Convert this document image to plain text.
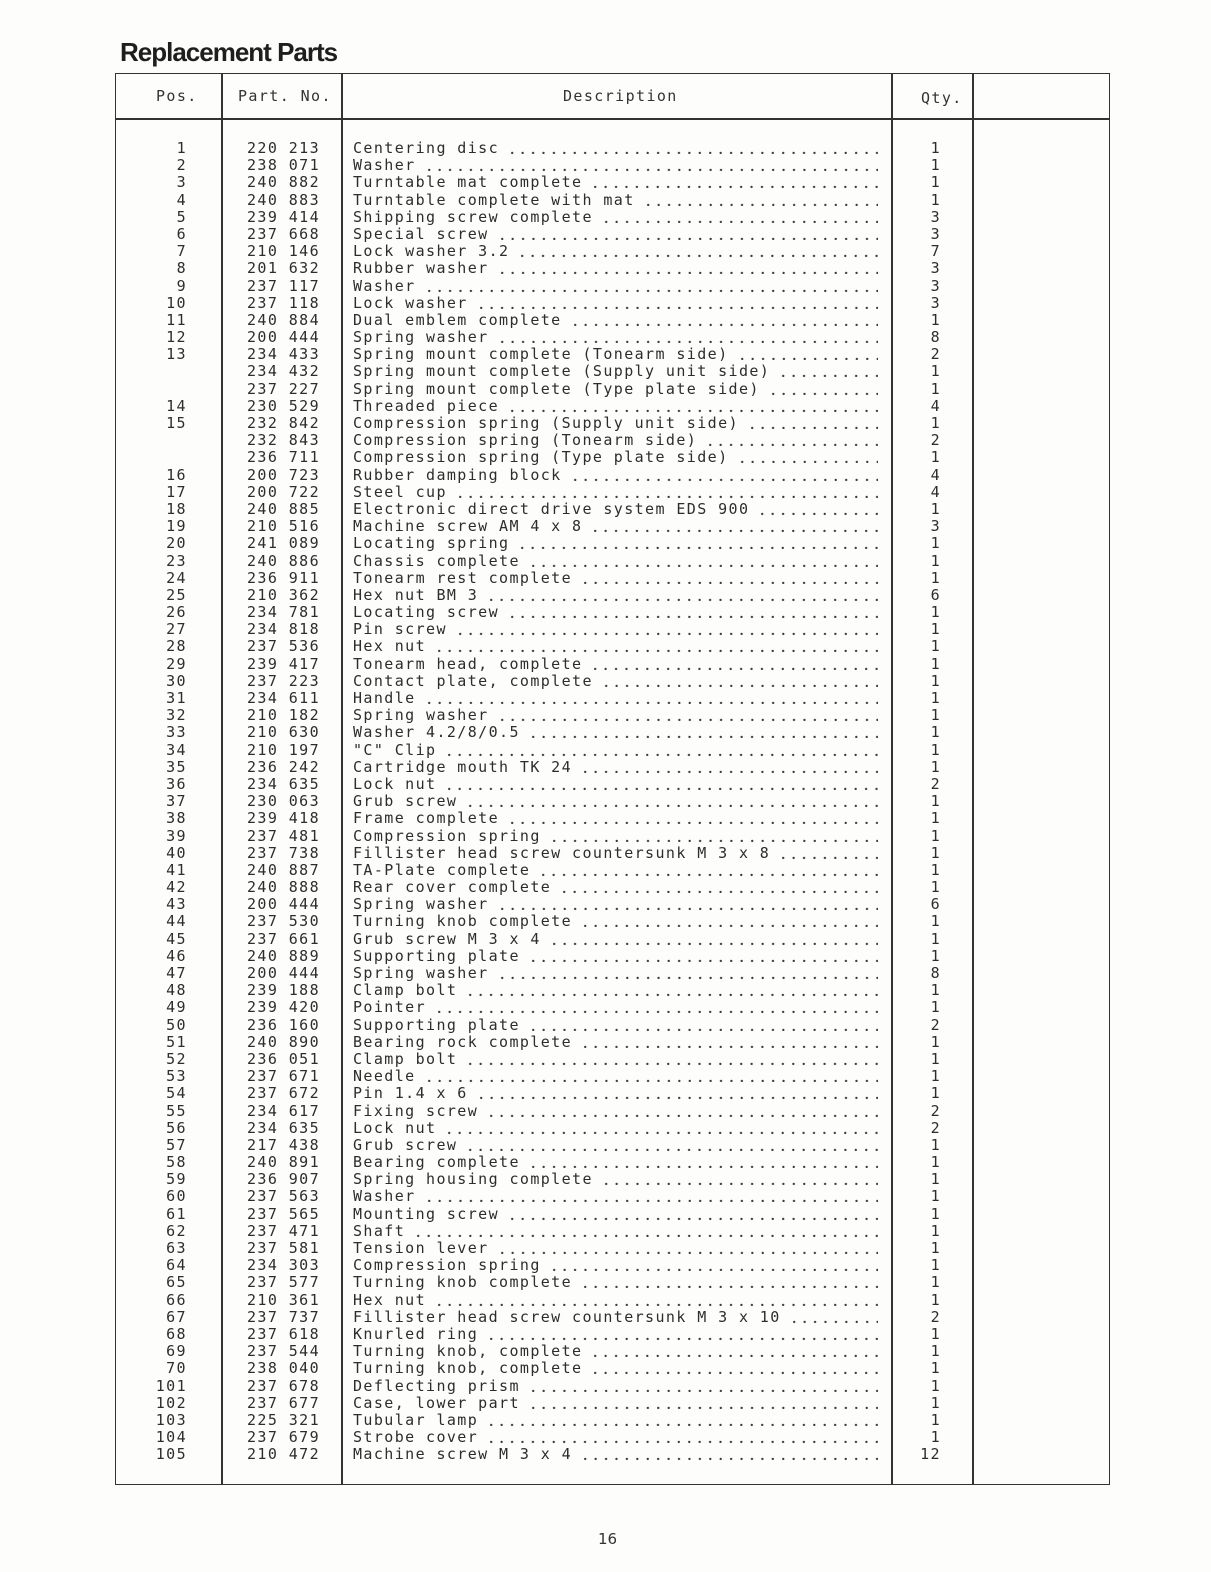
Replacement Parts
Pos.	Part. No.	Description	Qty.
1	220 213 Centering disc	1
2	238 071 Washer	1
3	240 882 Turntable mat complete	1
4	240 883 Turntable complete with mat	1
5	239 414 Shipping screw complete	3
6	237 668 Special screw	3
7	210 146 Lock washer 3.2	7
8	201 632 Rubber washer	3
9	237 117 Washer	3
10	237 118 Lock washer	3
11	240 884 Dual emblem complete	1
12	200 444 Spring washer	8
13	234 433 Spring mount complete (Tonearm side)	2
234 432 Spring mount complete (Supply unit side)	1
237 227 Spring mount complete (Type plate side)	1
14	230 529 Threaded piece	4
15	232 842 Compression spring (Supply unit side)	1
232 843 Compression spring (Tonearm side)	2
236 711 Compression spring (Type plate side)	1
16	200 723 Rubber damping block	4
17	200 722 Steel cup	4
18	240 885 Electronic direct drive system EDS 900	1
19	210 516 Machine screw AM 4 x 8	3
20	241 089 Locating spring	1
23	240 886 Chassis complete	1
24	236 911 Tonearm rest complete	1
25	210 362 Hex nut BM 3	6
26	234 781 Locating screw	1
27	234 818 Pin screw	1
28	237 536 Hex nut	1
29	239 417 Tonearm head, complete	1
30	237 223 Contact plate, complete	1
31	234 611 Handle	1
32	210 182 Spring washer	1
33	210 630 Washer 4.2/8/0.5	1
34	210 197 "C" Clip	1
35	236 242 Cartridge mouth TK 24	1
36	234 635 Lock nut	2
37	230 063 Grub screw	1
38	239 418 Frame complete	1
39	237 481 Compression spring	1
40	237 738 Fillister head screw countersunk M 3 x 8	1
41	240 887 TA-Plate complete	1
42	240 888 Rear cover complete	1
43	200 444 Spring washer	6
44	237 530 Turning knob complete	1
45	237 661 Grub screw M 3 x 4	1
46	240 889 Supporting plate	1
47	200 444 Spring washer	8
48	239 188 Clamp bolt	1
49	239 420 Pointer	1
50	236 160 Supporting plate	2
51	240 890 Bearing rock complete	1
52	236 051 Clamp bolt	1
53	237 671 Needle	1
54	237 672 Pin 1.4 x 6	1
55	234 617 Fixing screw	2
56	234 635 Lock nut	2
57	217 438 Grub screw	1
58	240 891 Bearing complete	1
59	236 907 Spring housing complete	1
60	237 563 Washer	1
61	237 565 Mounting screw	1
62	237 471 Shaft	1
63	237 581 Tension lever	1
64	234 303 Compression spring	1
65	237 577 Turning knob complete	1
66	210 361 Hex nut	1
67	237 737 Fillister head screw countersunk M 3 x 10	2
68	237 618 Knurled ring	1
69	237 544 Turning knob, complete	1
70	238 040 Turning knob, complete	1
101	237 678 Deflecting prism	1
102	237 677 Case, lower part	1
103	225 321 Tubular lamp	1
104	237 679 Strobe cover	1
105	210 472 Machine screw M 3 x 4	12
16
